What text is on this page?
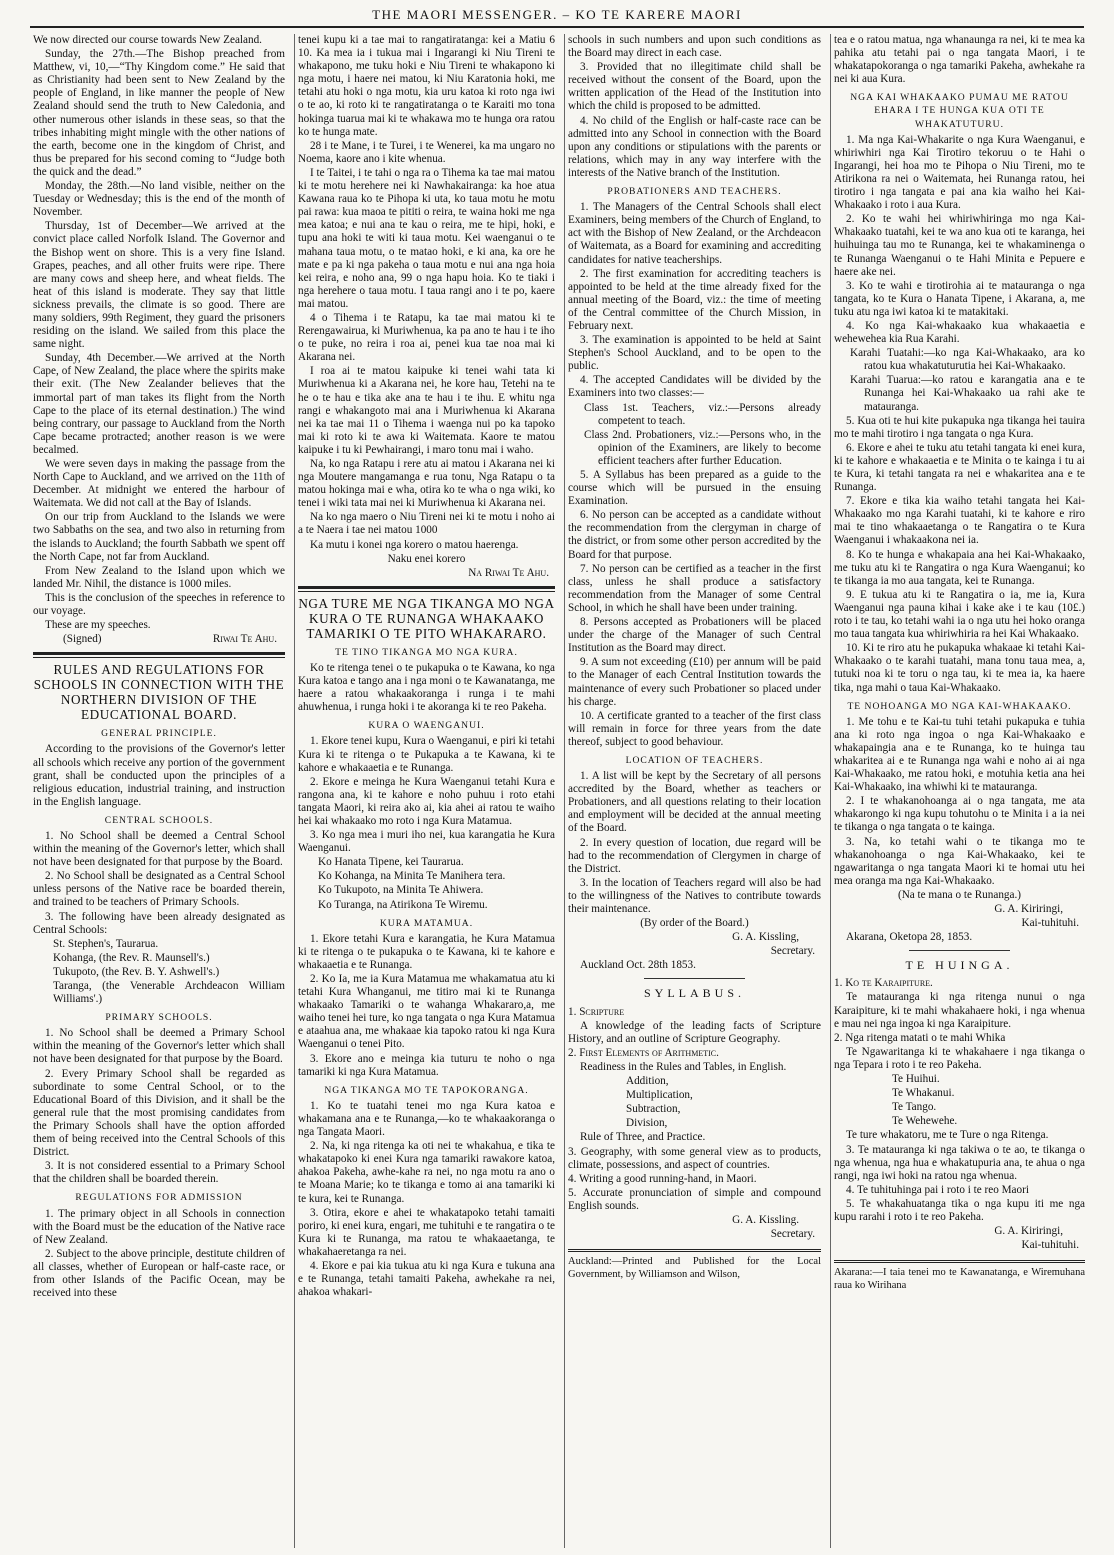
THE MAORI MESSENGER. – KO TE KARERE MAORI

We now directed our course towards New Zealand.

Sunday, the 27th.—The Bishop preached from Matthew, vi, 10,—“Thy Kingdom come.” He said that as Christianity had been sent to New Zealand by the people of England, in like manner the people of New Zealand should send the truth to New Caledonia, and other numerous other islands in these seas, so that the tribes inhabiting might mingle with the other nations of the earth, become one in the kingdom of Christ, and thus be prepared for his second coming to “Judge both the quick and the dead.”

Monday, the 28th.—No land visible, neither on the Tuesday or Wednesday; this is the end of the month of November.

Thursday, 1st of December—We arrived at the convict place called Norfolk Island. The Governor and the Bishop went on shore. This is a very fine Island. Grapes, peaches, and all other fruits were ripe. There are many cows and sheep here, and wheat fields. The heat of this island is moderate. They say that little sickness prevails, the climate is so good. There are many soldiers, 99th Regiment, they guard the prisoners residing on the island. We sailed from this place the same night.

Sunday, 4th December.—We arrived at the North Cape, of New Zealand, the place where the spirits make their exit. (The New Zealander believes that the immortal part of man takes its flight from the North Cape to the place of its eternal destination.) The wind being contrary, our passage to Auckland from the North Cape became protracted; another reason is we were becalmed.

We were seven days in making the passage from the North Cape to Auckland, and we arrived on the 11th of December. At midnight we entered the harbour of Waitemata. We did not call at the Bay of Islands.

On our trip from Auckland to the Islands we were two Sabbaths on the sea, and two also in returning from the islands to Auckland; the fourth Sabbath we spent off the North Cape, not far from Auckland.

From New Zealand to the Island upon which we landed Mr. Nihil, the distance is 1000 miles.

This is the conclusion of the speeches in reference to our voyage.

These are my speeches.

(Signed)	Riwai Te Ahu.

RULES AND REGULATIONS FOR SCHOOLS IN CONNECTION WITH THE NORTHERN DIVISION OF THE EDUCATIONAL BOARD.

GENERAL PRINCIPLE.

According to the provisions of the Governor's letter all schools which receive any portion of the government grant, shall be conducted upon the principles of a religious education, industrial training, and instruction in the English language.

CENTRAL SCHOOLS.

1. No School shall be deemed a Central School within the meaning of the Governor's letter, which shall not have been designated for that purpose by the Board.

2. No School shall be designated as a Central School unless persons of the Native race be boarded therein, and trained to be teachers of Primary Schools.

3. The following have been already designated as Central Schools:

St. Stephen's, Taurarua.

Kohanga, (the Rev. R. Maunsell's.)

Tukupoto, (the Rev. B. Y. Ashwell's.)

Taranga, (the Venerable Archdeacon William Williams'.)

PRIMARY SCHOOLS.

1. No School shall be deemed a Primary School within the meaning of the Governor's letter which shall not have been designated for that purpose by the Board.

2. Every Primary School shall be regarded as subordinate to some Central School, or to the Educational Board of this Division, and it shall be the general rule that the most promising candidates from the Primary Schools shall have the option afforded them of being received into the Central Schools of this District.

3. It is not considered essential to a Primary School that the children shall be boarded therein.

REGULATIONS FOR ADMISSION

1. The primary object in all Schools in connection with the Board must be the education of the Native race of New Zealand.

2. Subject to the above principle, destitute children of all classes, whether of European or half-caste race, or from other Islands of the Pacific Ocean, may be received into these

tenei kupu ki a tae mai to rangatiratanga: kei a Matiu 6 10. Ka mea ia i tukua mai i Ingarangi ki Niu Tireni te whakapono, me tuku hoki e Niu Tireni te whakapono ki nga motu, i haere nei matou, ki Niu Karatonia hoki, me tetahi atu hoki o nga motu, kia uru katoa ki roto nga iwi o te ao, ki roto ki te rangatiratanga o te Karaiti mo tona hokinga tuarua mai ki te whakawa mo te hunga ora ratou ko te hunga mate.

28 i te Mane, i te Turei, i te Wenerei, ka ma ungaro no Noema, kaore ano i kite whenua.

I te Taitei, i te tahi o nga ra o Tihema ka tae mai matou ki te motu herehere nei ki Nawhakairanga: ka hoe atua Kawana raua ko te Pihopa ki uta, ko taua motu he motu pai rawa: kua maoa te pititi o reira, te waina hoki me nga mea katoa; e nui ana te kau o reira, me te hipi, hoki, e tupu ana hoki te witi ki taua motu. Kei waenganui o te mahana taua motu, o te matao hoki, e ki ana, ka ore he mate e pa ki nga pakeha o taua motu e nui ana nga hoia kei reira, e noho ana, 99 o nga hapu hoia. Ko te tiaki i nga herehere o taua motu. I taua rangi ano i te po, kaere mai matou.

4 o Tihema i te Ratapu, ka tae mai matou ki te Rerengawairua, ki Muriwhenua, ka pa ano te hau i te iho o te puke, no reira i roa ai, penei kua tae noa mai ki Akarana nei.

I roa ai te matou kaipuke ki tenei wahi tata ki Muriwhenua ki a Akarana nei, he kore hau, Tetehi na te he o te hau e tika ake ana te hau i te ihu. E whitu nga rangi e whakangoto mai ana i Muriwhenua ki Akarana nei ka tae mai 11 o Tihema i waenga nui po ka tapoko mai ki roto ki te awa ki Waitemata. Kaore te matou kaipuke i tu ki Pewhairangi, i maro tonu mai i waho.

Na, ko nga Ratapu i rere atu ai matou i Akarana nei ki nga Moutere mangamanga e rua tonu, Nga Ratapu o ta matou hokinga mai e wha, otira ko te wha o nga wiki, ko tenei i wiki tata mai nei ki Muriwhenua ki Akarana nei.

Na ko nga maero o Niu Tireni nei ki te motu i noho ai a te Naera i tae nei matou 1000

Ka mutu i konei nga korero o matou haerenga.

Naku enei korero

Na Riwai Te Ahu.

NGA TURE ME NGA TIKANGA MO NGA KURA O TE RUNANGA WHAKAAKO TAMARIKI O TE PITO WHAKARARO.

TE TINO TIKANGA MO NGA KURA.

Ko te ritenga tenei o te pukapuka o te Kawana, ko nga Kura katoa e tango ana i nga moni o te Kawanatanga, me haere a ratou whakaakoranga i runga i te mahi ahuwhenua, i runga hoki i te akoranga ki te reo Pakeha.

KURA O WAENGANUI.

1. Ekore tenei kupu, Kura o Waenganui, e piri ki tetahi Kura ki te ritenga o te Pukapuka a te Kawana, ki te kahore e whakaaetia e te Runanga.

2. Ekore e meinga he Kura Waenganui tetahi Kura e rangona ana, ki te kahore e noho puhuu i roto etahi tangata Maori, ki reira ako ai, kia ahei ai ratou te waiho hei kai whakaako mo roto i nga Kura Matamua.

3. Ko nga mea i muri iho nei, kua karangatia he Kura Waenganui.

Ko Hanata Tipene, kei Taurarua.

Ko Kohanga, na Minita Te Manihera tera.

Ko Tukupoto, na Minita Te Ahiwera.

Ko Turanga, na Atirikona Te Wiremu.

KURA MATAMUA.

1. Ekore tetahi Kura e karangatia, he Kura Matamua ki te ritenga o te pukapuka o te Kawana, ki te kahore e whakaaetia e te Runanga.

2. Ko Ia, me ia Kura Matamua me whakamatua atu ki tetahi Kura Whanganui, me titiro mai ki te Runanga whakaako Tamariki o te wahanga Whakararo,a, me waiho tenei hei ture, ko nga tangata o nga Kura Matamua e ataahua ana, me whakaae kia tapoko ratou ki nga Kura Waenganui o tenei Pito.

3. Ekore ano e meinga kia tuturu te noho o nga tamariki ki nga Kura Matamua.

NGA TIKANGA MO TE TAPOKORANGA.

1. Ko te tuatahi tenei mo nga Kura katoa e whakamana ana e te Runanga,—ko te whakaakoranga o nga Tangata Maori.

2. Na, ki nga ritenga ka oti nei te whakahua, e tika te whakatapoko ki enei Kura nga tamariki rawakore katoa, ahakoa Pakeha, awhe-kahe ra nei, no nga motu ra ano o te Moana Marie; ko te tikanga e tomo ai ana tamariki ki te kura, kei te Runanga.

3. Otira, ekore e ahei te whakatapoko tetahi tamaiti poriro, ki enei kura, engari, me tuhituhi e te rangatira o te Kura ki te Runanga, ma ratou te whakaaetanga, te whakahaeretanga ra nei.

4. Ekore e pai kia tukua atu ki nga Kura e tukuna ana e te Runanga, tetahi tamaiti Pakeha, awhekahe ra nei, ahakoa whakari-

schools in such numbers and upon such conditions as the Board may direct in each case.

3. Provided that no illegitimate child shall be received without the consent of the Board, upon the written application of the Head of the Institution into which the child is proposed to be admitted.

4. No child of the English or half-caste race can be admitted into any School in connection with the Board upon any conditions or stipulations with the parents or relations, which may in any way interfere with the interests of the Native branch of the Institution.

PROBATIONERS AND TEACHERS.

1. The Managers of the Central Schools shall elect Examiners, being members of the Church of England, to act with the Bishop of New Zealand, or the Archdeacon of Waitemata, as a Board for examining and accrediting candidates for native teacherships.

2. The first examination for accrediting teachers is appointed to be held at the time already fixed for the annual meeting of the Board, viz.: the time of meeting of the Central committee of the Church Mission, in February next.

3. The examination is appointed to be held at Saint Stephen's School Auckland, and to be open to the public.

4. The accepted Candidates will be divided by the Examiners into two classes:—

Class 1st. Teachers, viz.:—Persons already competent to teach.

Class 2nd. Probationers, viz.:—Persons who, in the opinion of the Examiners, are likely to become efficient teachers after further Education.

5. A Syllabus has been prepared as a guide to the course which will be pursued in the ensuing Examination.

6. No person can be accepted as a candidate without the recommendation from the clergyman in charge of the district, or from some other person accredited by the Board for that purpose.

7. No person can be certified as a teacher in the first class, unless he shall produce a satisfactory recommendation from the Manager of some Central School, in which he shall have been under training.

8. Persons accepted as Probationers will be placed under the charge of the Manager of such Central Institution as the Board may direct.

9. A sum not exceeding (£10) per annum will be paid to the Manager of each Central Institution towards the maintenance of every such Probationer so placed under his charge.

10. A certificate granted to a teacher of the first class will remain in force for three years from the date thereof, subject to good behaviour.

LOCATION OF TEACHERS.

1. A list will be kept by the Secretary of all persons accredited by the Board, whether as teachers or Probationers, and all questions relating to their location and employment will be decided at the annual meeting of the Board.

2. In every question of location, due regard will be had to the recommendation of Clergymen in charge of the District.

3. In the location of Teachers regard will also be had to the willingness of the Natives to contribute towards their maintenance.

(By order of the Board.)

G. A. Kissling,

Secretary.

Auckland Oct. 28th 1853.

SYLLABUS.

1. Scripture

A knowledge of the leading facts of Scripture History, and an outline of Scripture Geography.

2. First Elements of Arithmetic.

Readiness in the Rules and Tables, in English.

Addition,

Multiplication,

Subtraction,

Division,

Rule of Three, and Practice.

3. Geography, with some general view as to products, climate, possessions, and aspect of countries.

4. Writing a good running-hand, in Maori.

5. Accurate pronunciation of simple and compound English sounds.

G. A. Kissling.

Secretary.

Auckland:—Printed and Published for the Local Government, by Williamson and Wilson,

tea e o ratou matua, nga whanaunga ra nei, ki te mea ka pahika atu tetahi pai o nga tangata Maori, i te whakatapokoranga o nga tamariki Pakeha, awhekahe ra nei ki aua Kura.

NGA KAI WHAKAAKO PUMAU ME RATOU EHARA I TE HUNGA KUA OTI TE WHAKATUTURU.

1. Ma nga Kai-Whakarite o nga Kura Waenganui, e whiriwhiri nga Kai Tirotiro tekoruu o te Hahi o Ingarangi, hei hoa mo te Pihopa o Niu Tireni, mo te Atirikona ra nei o Waitemata, hei Runanga ratou, hei tirotiro i nga tangata e pai ana kia waiho hei Kai-Whakaako i roto i aua Kura.

2. Ko te wahi hei whiriwhiringa mo nga Kai-Whakaako tuatahi, kei te wa ano kua oti te karanga, hei huihuinga tau mo te Runanga, kei te whakaminenga o te Runanga Waenganui o te Hahi Minita e Pepuere e haere ake nei.

3. Ko te wahi e tirotirohia ai te matauranga o nga tangata, ko te Kura o Hanata Tipene, i Akarana, a, me tuku atu nga iwi katoa ki te matakitaki.

4. Ko nga Kai-whakaako kua whakaaetia e wehewehea kia Rua Karahi.

Karahi Tuatahi:—ko nga Kai-Whakaako, ara ko ratou kua whakatuturutia hei Kai-Whakaako.

Karahi Tuarua:—ko ratou e karangatia ana e te Runanga hei Kai-Whakaako ua rahi ake te matauranga.

5. Kua oti te hui kite pukapuka nga tikanga hei tauira mo te mahi tirotiro i nga tangata o nga Kura.

6. Ekore e ahei te tuku atu tetahi tangata ki enei kura, ki te kahore e whakaaetia e te Minita o te kainga i tu ai te Kura, ki tetahi tangata ra nei e whakaritea ana e te Runanga.

7. Ekore e tika kia waiho tetahi tangata hei Kai-Whakaako mo nga Karahi tuatahi, ki te kahore e riro mai te tino whakaaetanga o te Rangatira o te Kura Waenganui i whakaakona nei ia.

8. Ko te hunga e whakapaia ana hei Kai-Whakaako, me tuku atu ki te Rangatira o nga Kura Waenganui; ko te tikanga ia mo aua tangata, kei te Runanga.

9. E tukua atu ki te Rangatira o ia, me ia, Kura Waenganui nga pauna kihai i kake ake i te kau (10£.) roto i te tau, ko tetahi wahi ia o nga utu hei hoko oranga mo taua tangata kua whiriwhiria ra hei Kai Whakaako.

10. Ki te riro atu he pukapuka whakaae ki tetahi Kai-Whakaako o te karahi tuatahi, mana tonu taua mea, a, tutuki noa ki te toru o nga tau, ki te mea ia, ka haere tika, nga mahi o taua Kai-Whakaako.

TE NOHOANGA MO NGA KAI-WHAKAAKO.

1. Me tohu e te Kai-tu tuhi tetahi pukapuka e tuhia ana ki roto nga ingoa o nga Kai-Whakaako e whakapaingia ana e te Runanga, ko te huinga tau whakaritea ai e te Runanga nga wahi e noho ai ai nga Kai-Whakaako, me ratou hoki, e motuhia ketia ana hei Kai-Whakaako, ina whiwhi ki te matauranga.

2. I te whakanohoanga ai o nga tangata, me ata whakarongo ki nga kupu tohutohu o te Minita i a ia nei te tikanga o nga tangata o te kainga.

3. Na, ko tetahi wahi o te tikanga mo te whakanohoanga o nga Kai-Whakaako, kei te ngawaritanga o nga tangata Maori ki te homai utu hei mea oranga ma nga Kai-Whakaako.

(Na te mana o te Runanga.)

G. A. Kiriringi,

Kai-tuhituhi.

Akarana, Oketopa 28, 1853.

TE HUINGA.

1. Ko te Karaipiture.

Te matauranga ki nga ritenga nunui o nga Karaipiture, ki te mahi whakahaere hoki, i nga whenua e mau nei nga ingoa ki nga Karaipiture.

2. Nga ritenga matati o te mahi Whika

Te Ngawaritanga ki te whakahaere i nga tikanga o nga Tepara i roto i te reo Pakeha.

Te Huihui.

Te Whakanui.

Te Tango.

Te Wehewehe.

Te ture whakatoru, me te Ture o nga Ritenga.

3. Te matauranga ki nga takiwa o te ao, te tikanga o nga whenua, nga hua e whakatupuria ana, te ahua o nga rangi, nga iwi hoki na ratou nga whenua.

4. Te tuhituhinga pai i roto i te reo Maori

5. Te whakahuatanga tika o nga kupu iti me nga kupu rarahi i roto i te reo Pakeha.

G. A. Kiriringi,

Kai-tuhituhi.

Akarana:—I taia tenei mo te Kawanatanga, e Wiremuhana raua ko Wirihana
